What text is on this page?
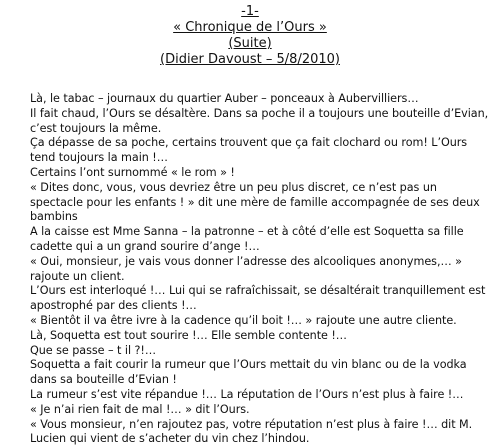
-1-
« Chronique de l’Ours »
(Suite)
(Didier Davoust – 5/8/2010)

Là, le tabac – journaux du quartier Auber – ponceaux à Aubervilliers…

Il fait chaud, l’Ours se désaltère. Dans sa poche il a toujours une bouteille d’Evian, c’est toujours la même.

Ça dépasse de sa poche, certains trouvent que ça fait clochard ou rom! L’Ours tend toujours la main !…

Certains l’ont surnommé « le rom » !

« Dites donc, vous, vous devriez être un peu plus discret, ce n’est pas un spectacle pour les enfants ! » dit une mère de famille accompagnée de ses deux bambins

A la caisse est Mme Sanna – la patronne – et à côté d’elle est Soquetta sa fille cadette qui a un grand sourire d’ange !…

« Oui, monsieur, je vais vous donner l’adresse des alcooliques anonymes,… » rajoute un client.

L’Ours est interloqué !… Lui qui se rafraîchissait, se désaltérait tranquillement est apostrophé par des clients !…

« Bientôt il va être ivre à la cadence qu’il boit !… » rajoute une autre cliente.

Là, Soquetta est tout sourire !… Elle semble contente !…

Que se passe – t il ?!…

Soquetta a fait courir la rumeur que l’Ours mettait du vin blanc ou de la vodka dans sa bouteille d’Evian !

La rumeur s’est vite répandue !… La réputation de l’Ours n’est plus à faire !…

« Je n’ai rien fait de mal !… » dit l’Ours.

« Vous monsieur, n’en rajoutez pas, votre réputation n’est plus à faire !… dit M. Lucien qui vient de s’acheter du vin chez l’hindou.
